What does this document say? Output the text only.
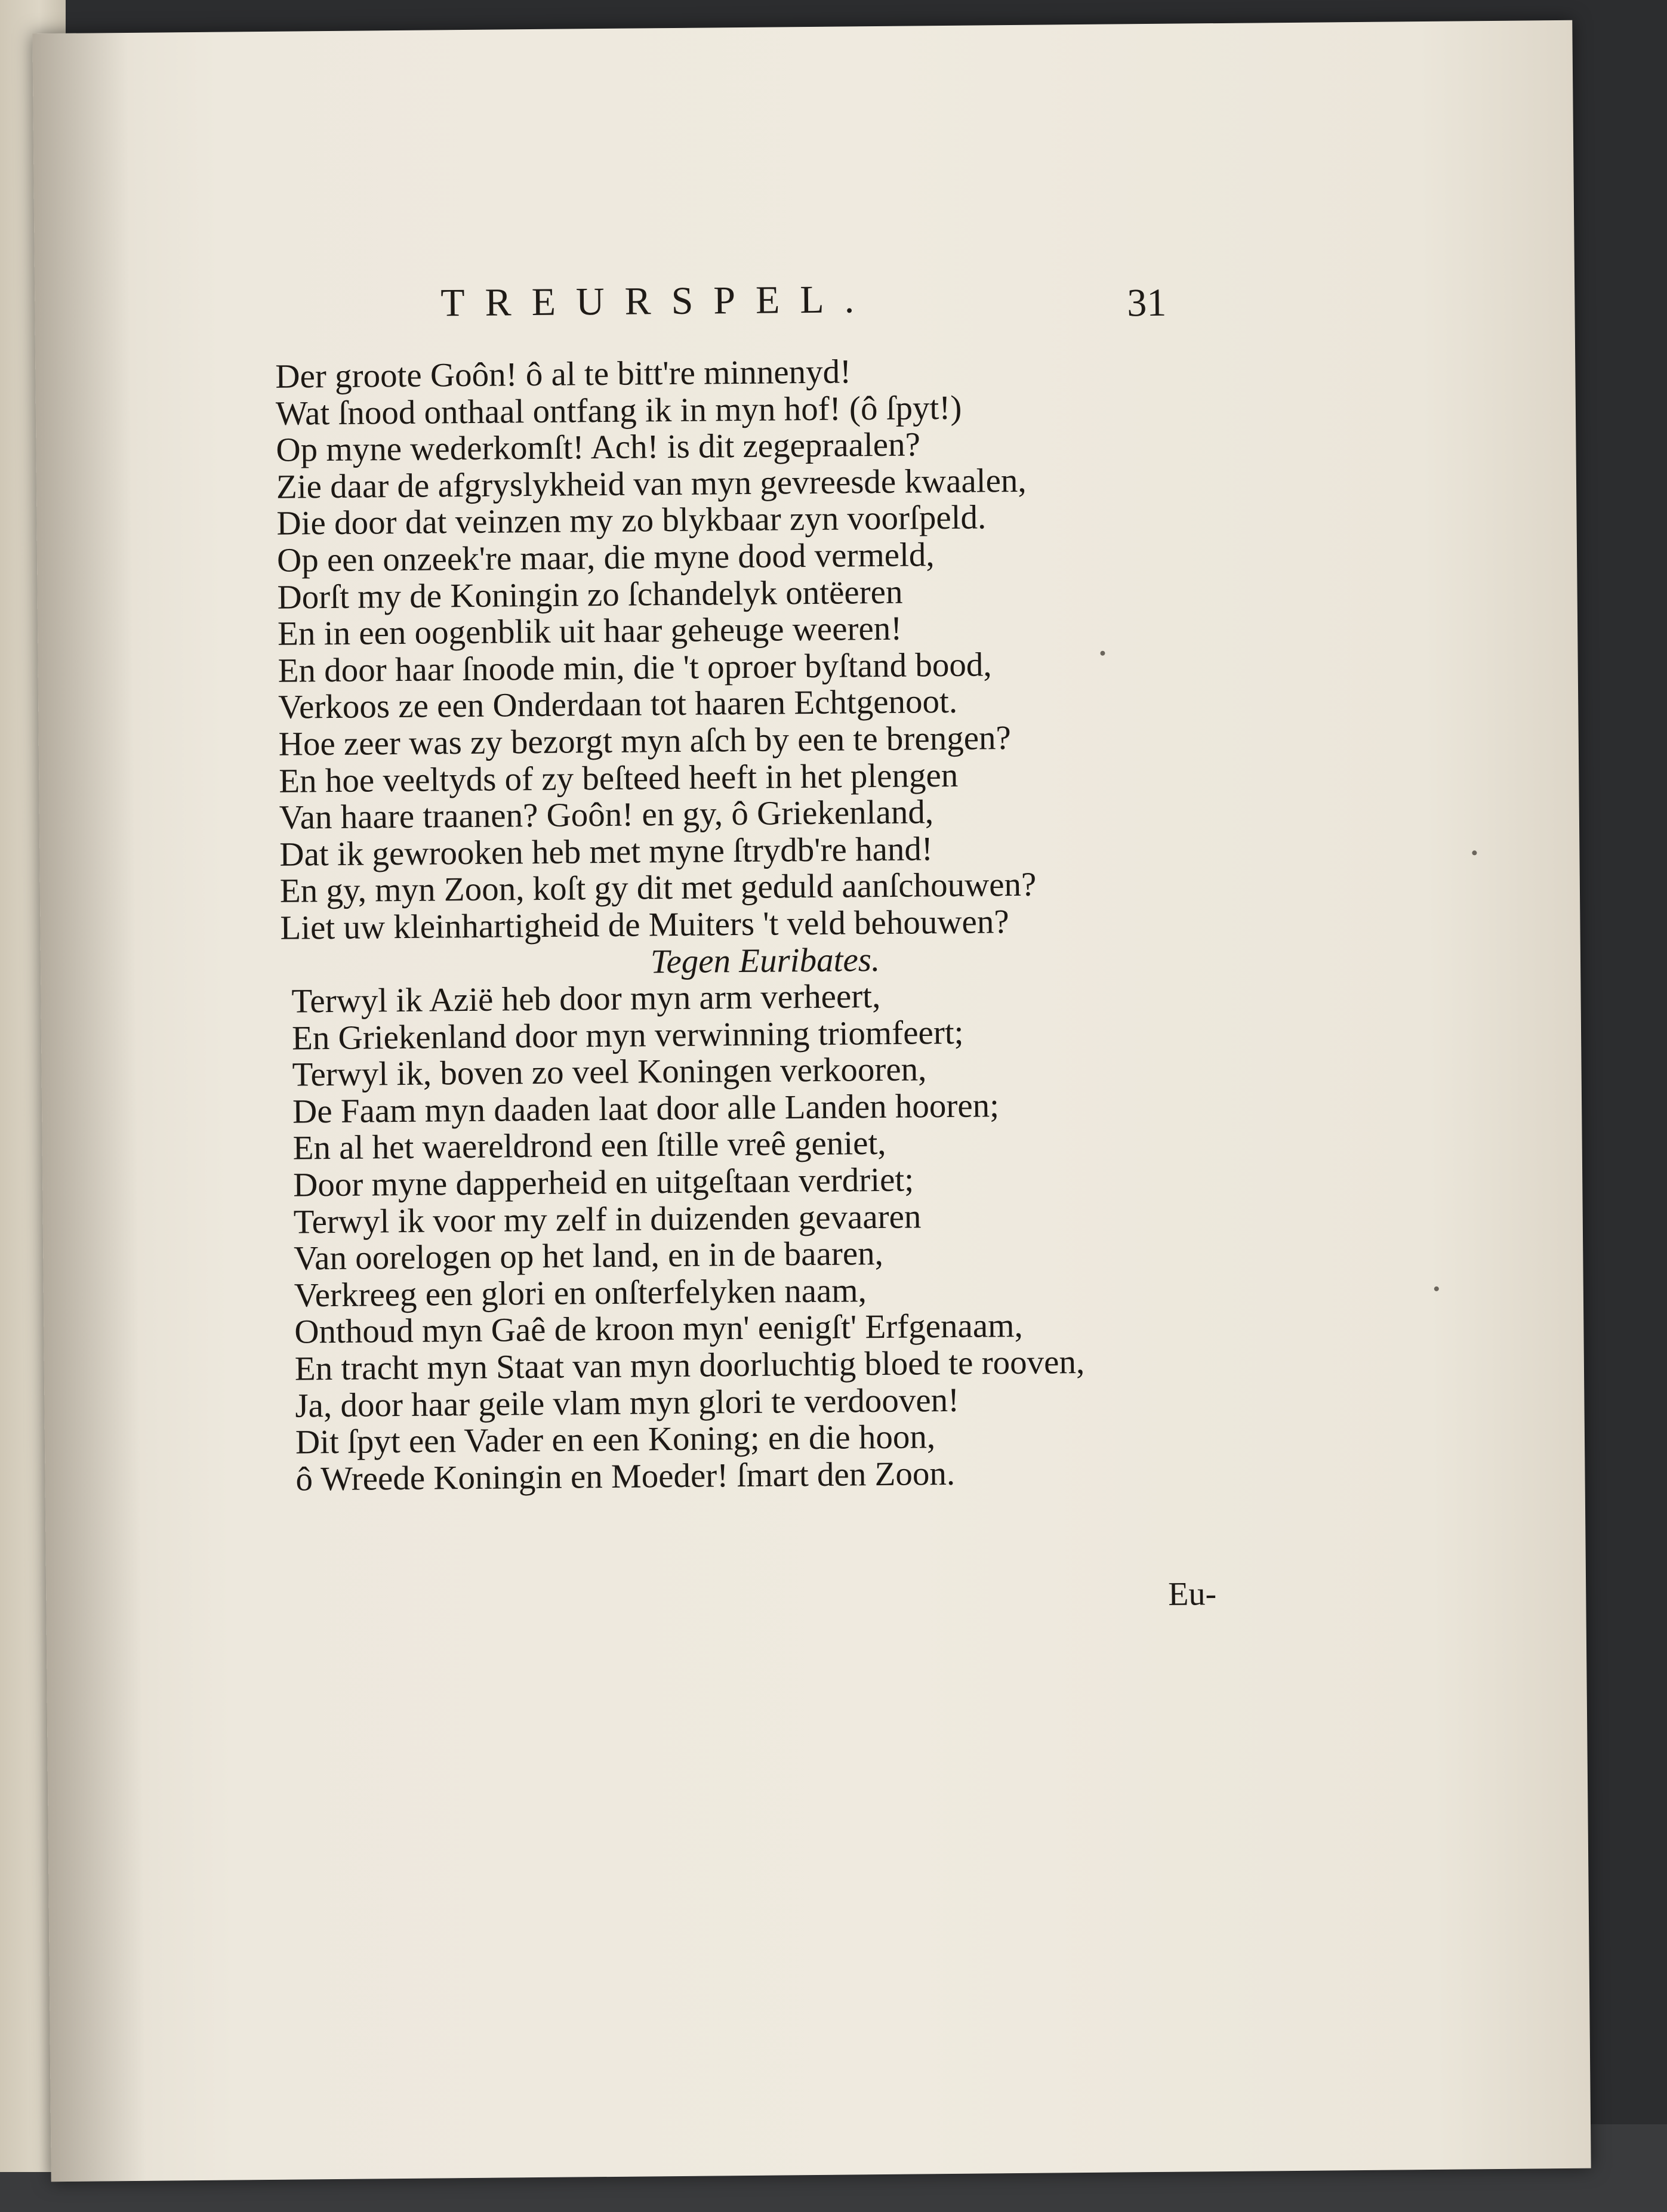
TREURSPEL.	31
Der groote Goôn! ô al te bitt're minnenyd!
Wat ſnood onthaal ontfang ik in myn hof! (ô ſpyt!)
Op myne wederkomſt! Ach! is dit zegepraalen?
Zie daar de afgryslykheid van myn gevreesde kwaalen,
Die door dat veinzen my zo blykbaar zyn voorſpeld.
Op een onzeek're maar, die myne dood vermeld,
Dorſt my de Koningin zo ſchandelyk ontëeren
En in een oogenblik uit haar geheuge weeren!
En door haar ſnoode min, die 't oproer byſtand bood,
Verkoos ze een Onderdaan tot haaren Echtgenoot.
Hoe zeer was zy bezorgt myn aſch by een te brengen?
En hoe veeltyds of zy beſteed heeft in het plengen
Van haare traanen? Goôn! en gy, ô Griekenland,
Dat ik gewrooken heb met myne ſtrydb're hand!
En gy, myn Zoon, koſt gy dit met geduld aanſchouwen?
Liet uw kleinhartigheid de Muiters 't veld behouwen?
Tegen Euribates.
Terwyl ik Azië heb door myn arm verheert,
En Griekenland door myn verwinning triomfeert;
Terwyl ik, boven zo veel Koningen verkooren,
De Faam myn daaden laat door alle Landen hooren;
En al het waereldrond een ſtille vreê geniet,
Door myne dapperheid en uitgeſtaan verdriet;
Terwyl ik voor my zelf in duizenden gevaaren
Van oorelogen op het land, en in de baaren,
Verkreeg een glori en onſterfelyken naam,
Onthoud myn Gaê de kroon myn' eenigſt' Erfgenaam,
En tracht myn Staat van myn doorluchtig bloed te rooven,
Ja, door haar geile vlam myn glori te verdooven!
Dit ſpyt een Vader en een Koning; en die hoon,
ô Wreede Koningin en Moeder! ſmart den Zoon.
Eu-
